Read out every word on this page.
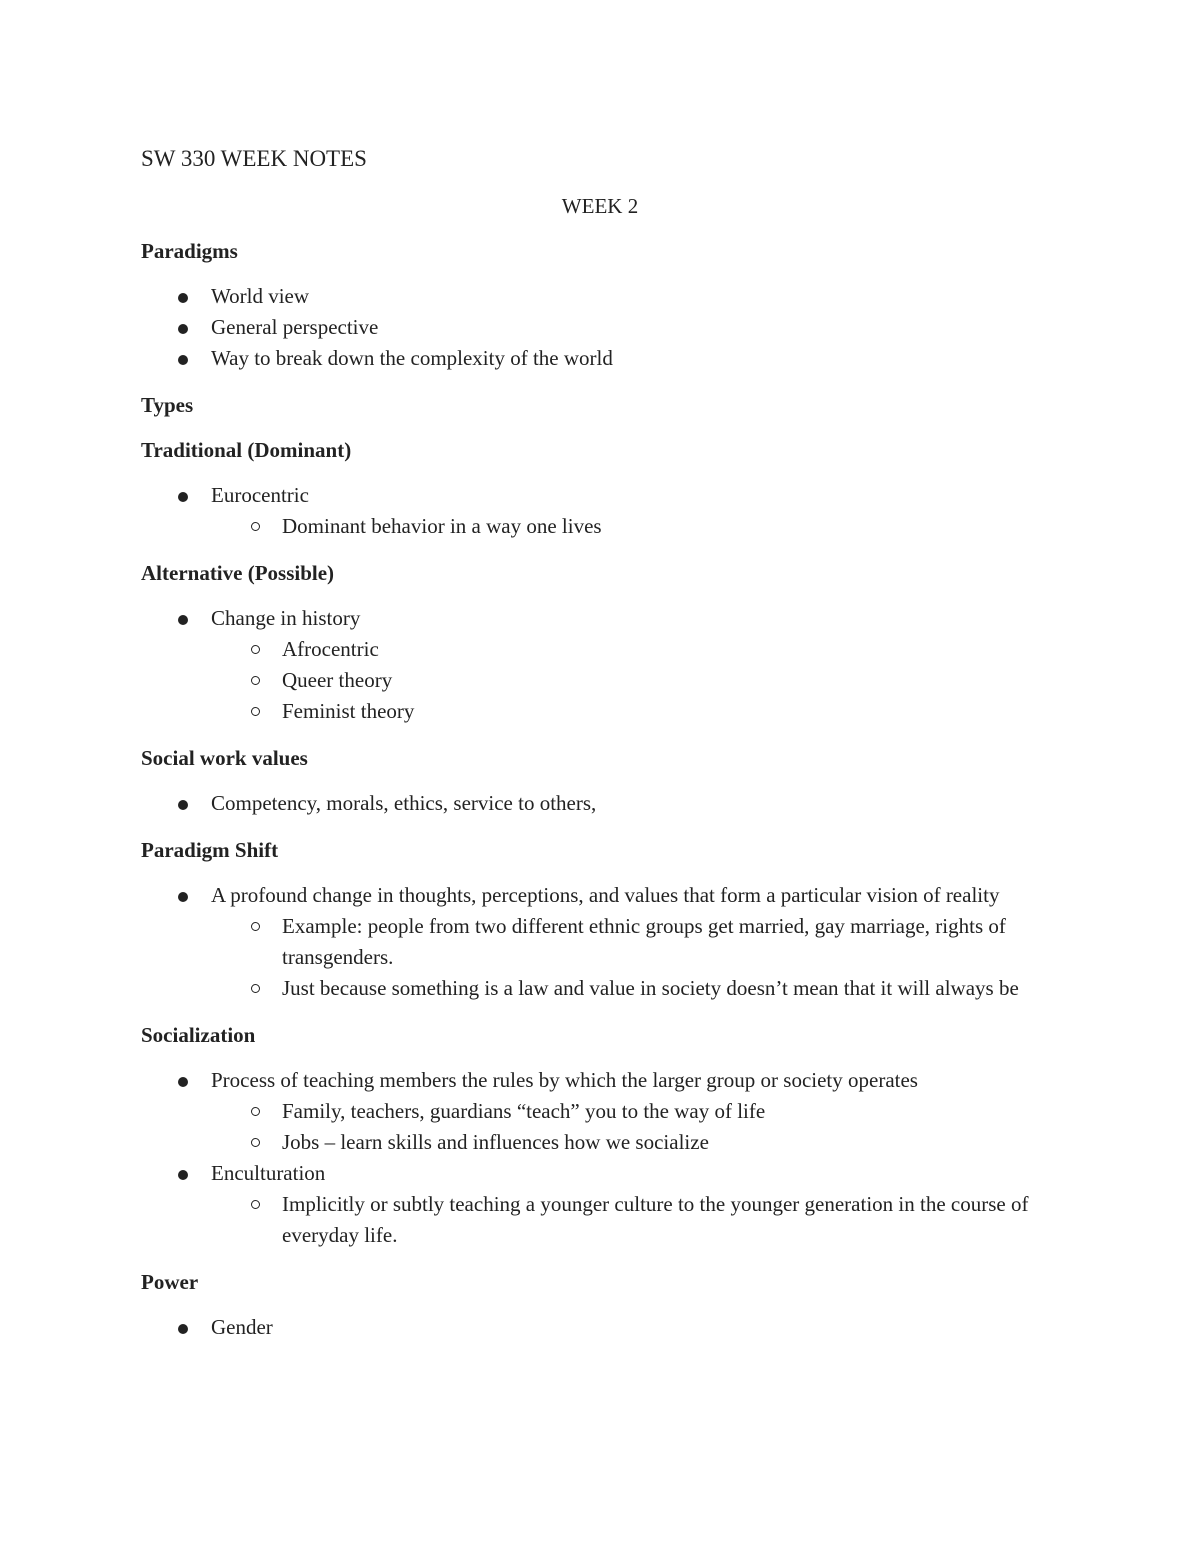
SW 330 WEEK NOTES
WEEK 2
Paradigms
World view
General perspective
Way to break down the complexity of the world
Types
Traditional (Dominant)
Eurocentric
Dominant behavior in a way one lives
Alternative (Possible)
Change in history
Afrocentric
Queer theory
Feminist theory
Social work values
Competency, morals, ethics, service to others,
Paradigm Shift
A profound change in thoughts, perceptions, and values that form a particular vision of reality
Example: people from two different ethnic groups get married, gay marriage, rights of transgenders.
Just because something is a law and value in society doesn’t mean that it will always be
Socialization
Process of teaching members the rules by which the larger group or society operates
Family, teachers, guardians “teach” you to the way of life
Jobs – learn skills and influences how we socialize
Enculturation
Implicitly or subtly teaching a younger culture to the younger generation in the course of everyday life.
Power
Gender
